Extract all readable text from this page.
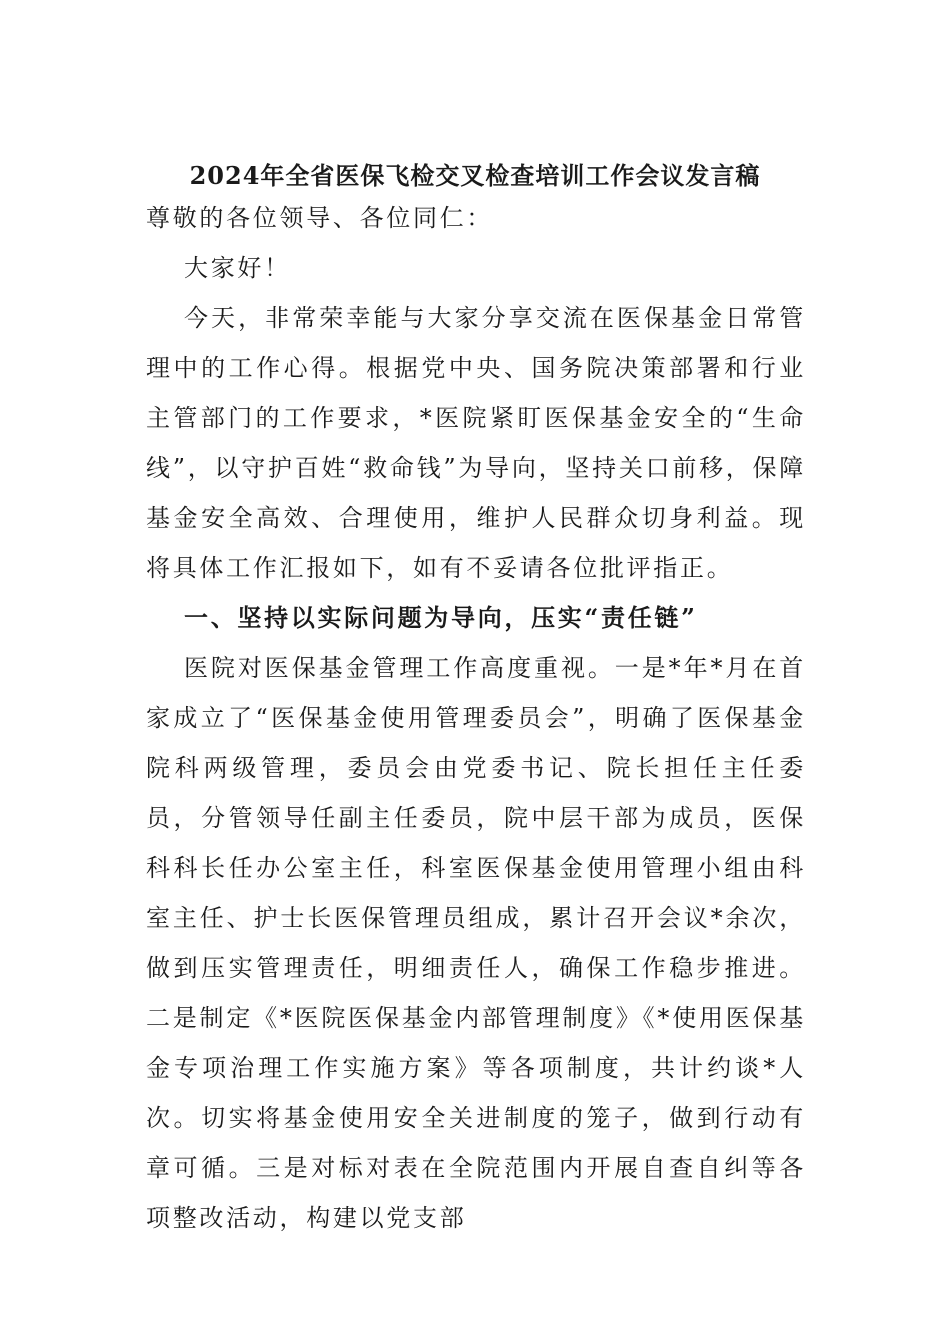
2024年全省医保飞检交叉检查培训工作会议发言稿

尊敬的各位领导、各位同仁：

大家好！

今天，非常荣幸能与大家分享交流在医保基金日常管理中的工作心得。根据党中央、国务院决策部署和行业主管部门的工作要求，*医院紧盯医保基金安全的“生命线”，以守护百姓“救命钱”为导向，坚持关口前移，保障基金安全高效、合理使用，维护人民群众切身利益。现将具体工作汇报如下，如有不妥请各位批评指正。

一、坚持以实际问题为导向，压实“责任链”

医院对医保基金管理工作高度重视。一是*年*月在首家成立了“医保基金使用管理委员会”，明确了医保基金院科两级管理，委员会由党委书记、院长担任主任委员，分管领导任副主任委员，院中层干部为成员，医保科科长任办公室主任，科室医保基金使用管理小组由科室主任、护士长医保管理员组成，累计召开会议*余次，做到压实管理责任，明细责任人，确保工作稳步推进。二是制定《*医院医保基金内部管理制度》《*使用医保基金专项治理工作实施方案》等各项制度，共计约谈*人次。切实将基金使用安全关进制度的笼子，做到行动有章可循。三是对标对表在全院范围内开展自查自纠等各项整改活动，构建以党支部
